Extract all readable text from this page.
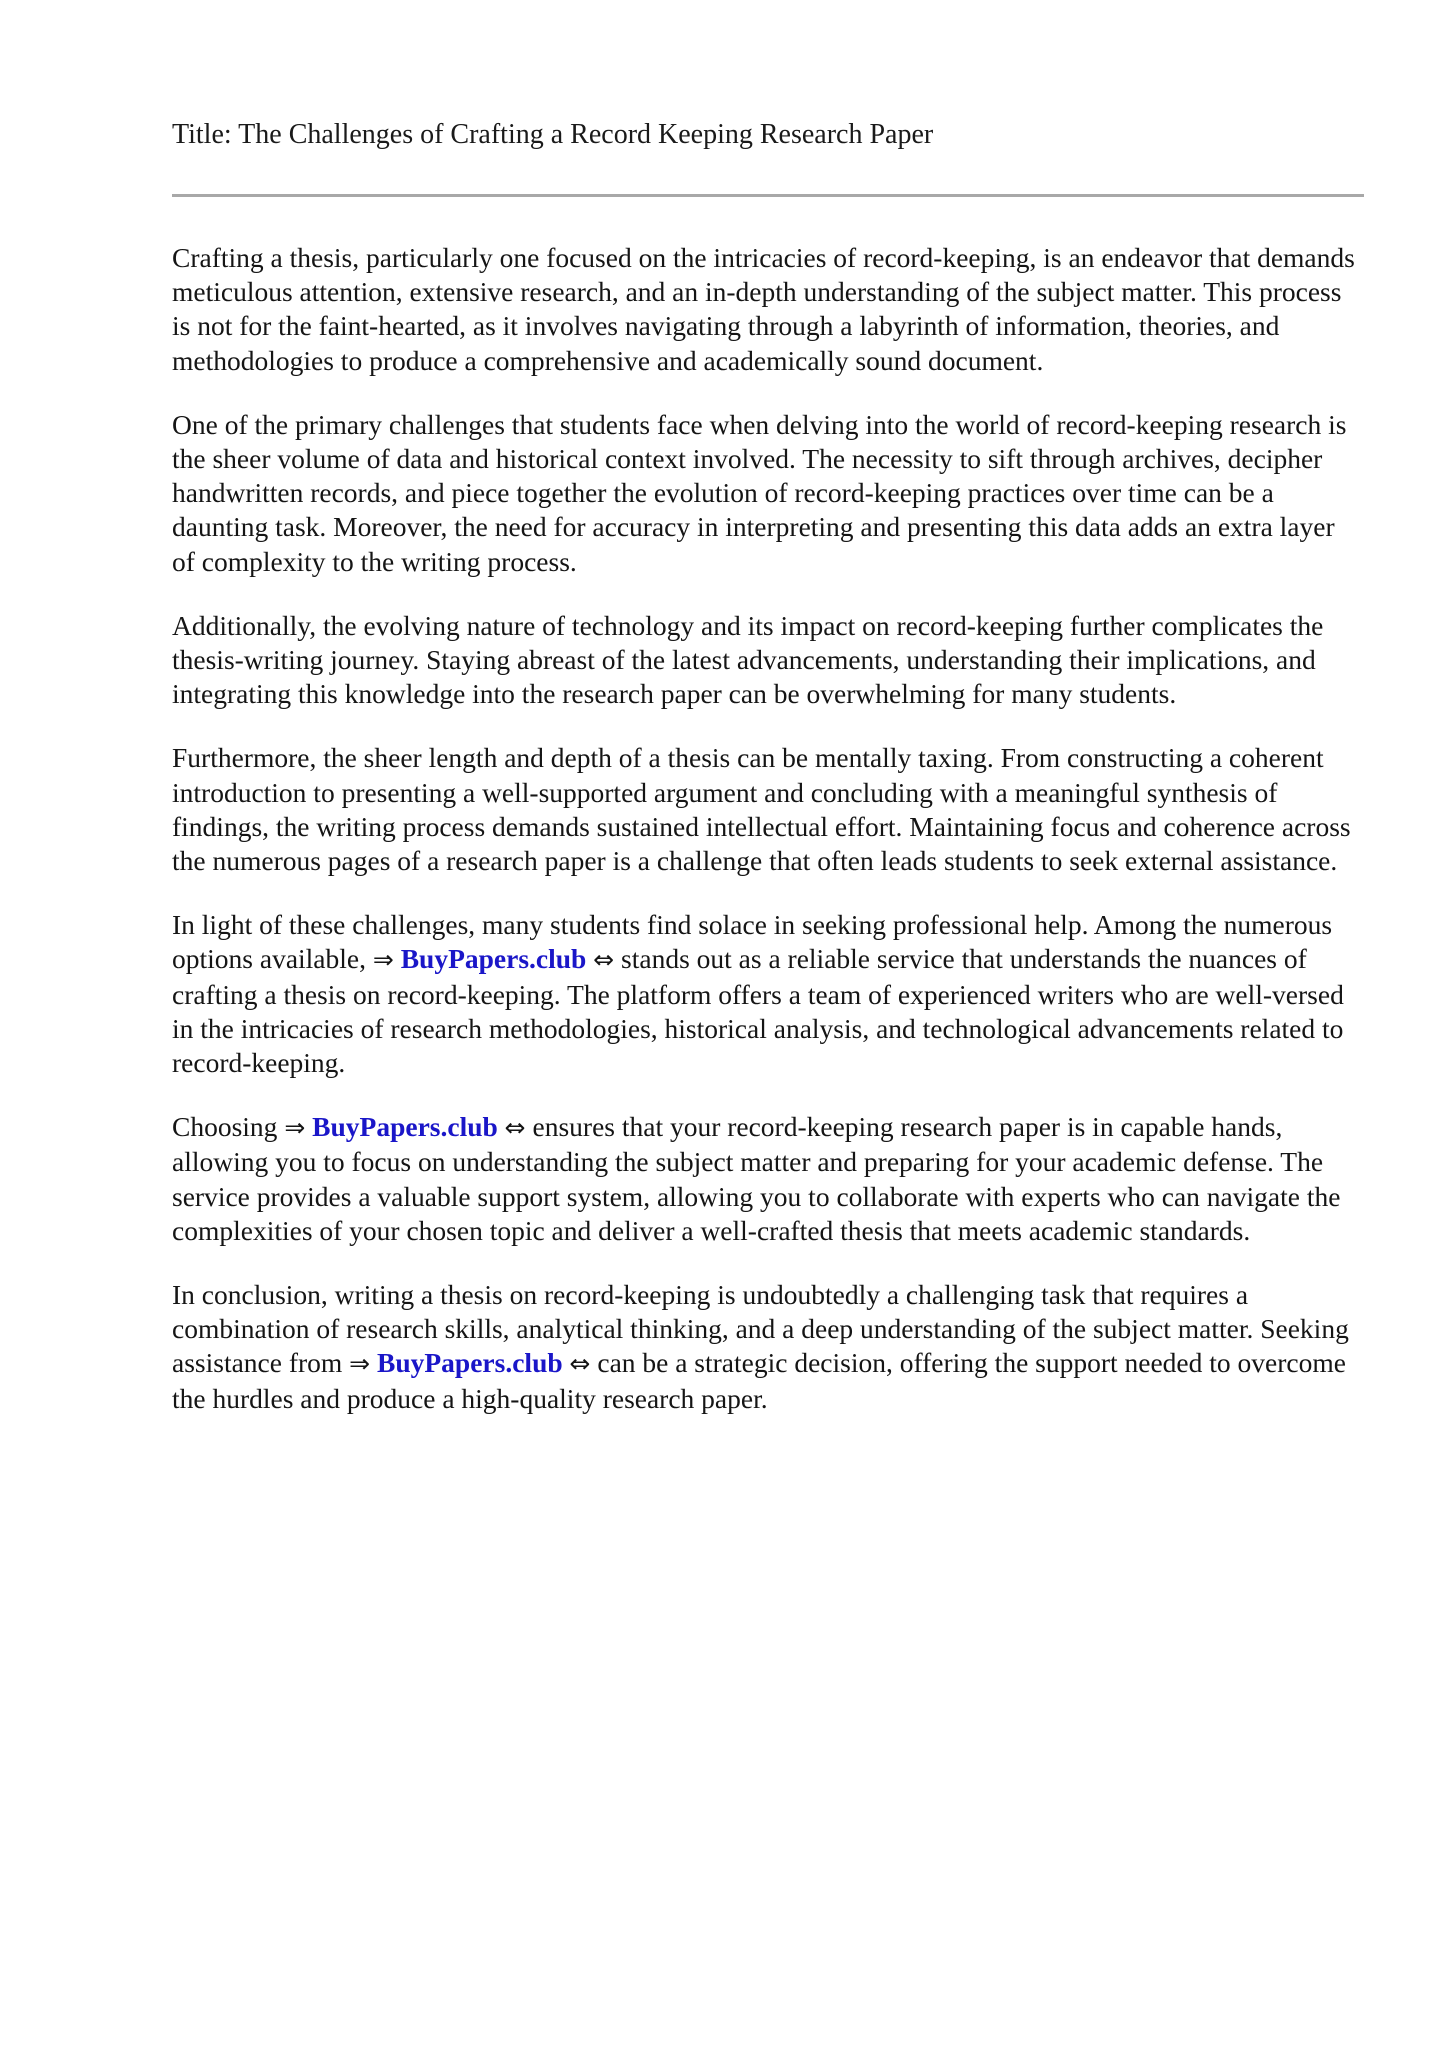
Title: The Challenges of Crafting a Record Keeping Research Paper

Crafting a thesis, particularly one focused on the intricacies of record-keeping, is an endeavor that demands meticulous attention, extensive research, and an in-depth understanding of the subject matter. This process is not for the faint-hearted, as it involves navigating through a labyrinth of information, theories, and methodologies to produce a comprehensive and academically sound document.

One of the primary challenges that students face when delving into the world of record-keeping research is the sheer volume of data and historical context involved. The necessity to sift through archives, decipher handwritten records, and piece together the evolution of record-keeping practices over time can be a daunting task. Moreover, the need for accuracy in interpreting and presenting this data adds an extra layer of complexity to the writing process.

Additionally, the evolving nature of technology and its impact on record-keeping further complicates the thesis-writing journey. Staying abreast of the latest advancements, understanding their implications, and integrating this knowledge into the research paper can be overwhelming for many students.

Furthermore, the sheer length and depth of a thesis can be mentally taxing. From constructing a coherent introduction to presenting a well-supported argument and concluding with a meaningful synthesis of findings, the writing process demands sustained intellectual effort. Maintaining focus and coherence across the numerous pages of a research paper is a challenge that often leads students to seek external assistance.

In light of these challenges, many students find solace in seeking professional help. Among the numerous options available, ⇒ BuyPapers.club ⇔ stands out as a reliable service that understands the nuances of crafting a thesis on record-keeping. The platform offers a team of experienced writers who are well-versed in the intricacies of research methodologies, historical analysis, and technological advancements related to record-keeping.

Choosing ⇒ BuyPapers.club ⇔ ensures that your record-keeping research paper is in capable hands, allowing you to focus on understanding the subject matter and preparing for your academic defense. The service provides a valuable support system, allowing you to collaborate with experts who can navigate the complexities of your chosen topic and deliver a well-crafted thesis that meets academic standards.

In conclusion, writing a thesis on record-keeping is undoubtedly a challenging task that requires a combination of research skills, analytical thinking, and a deep understanding of the subject matter. Seeking assistance from ⇒ BuyPapers.club ⇔ can be a strategic decision, offering the support needed to overcome the hurdles and produce a high-quality research paper.
